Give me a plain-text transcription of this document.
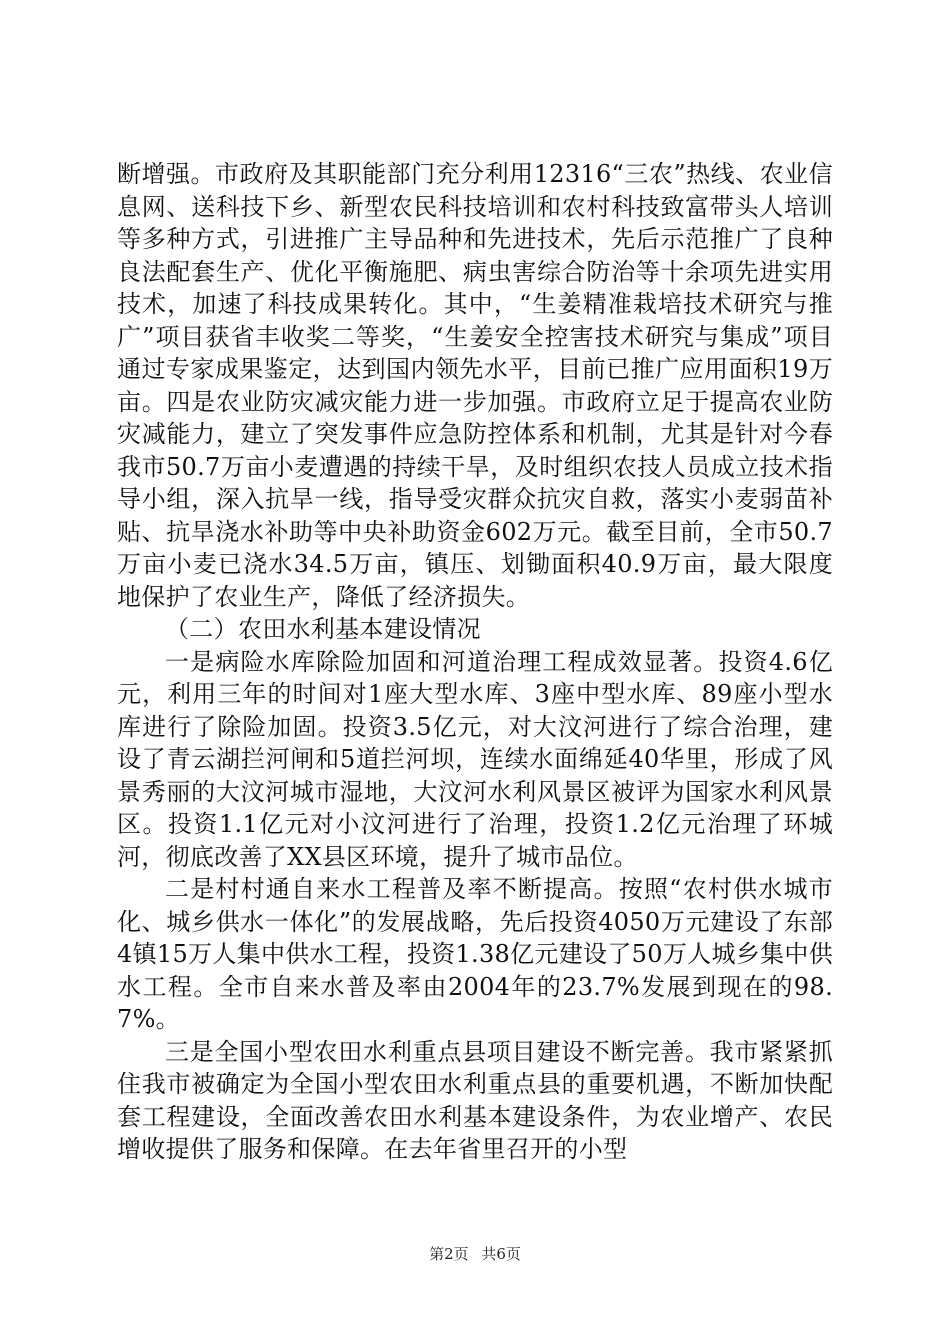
断增强。市政府及其职能部门充分利用12316“三农”热线、农业信息网、送科技下乡、新型农民科技培训和农村科技致富带头人培训等多种方式，引进推广主导品种和先进技术，先后示范推广了良种良法配套生产、优化平衡施肥、病虫害综合防治等十余项先进实用技术，加速了科技成果转化。其中，“生姜精准栽培技术研究与推广”项目获省丰收奖二等奖，“生姜安全控害技术研究与集成”项目通过专家成果鉴定，达到国内领先水平，目前已推广应用面积19万亩。四是农业防灾减灾能力进一步加强。市政府立足于提高农业防灾减能力，建立了突发事件应急防控体系和机制，尤其是针对今春我市50.7万亩小麦遭遇的持续干旱，及时组织农技人员成立技术指导小组，深入抗旱一线，指导受灾群众抗灾自救，落实小麦弱苗补贴、抗旱浇水补助等中央补助资金602万元。截至目前，全市50.7万亩小麦已浇水34.5万亩，镇压、划锄面积40.9万亩，最大限度地保护了农业生产，降低了经济损失。

（二）农田水利基本建设情况

一是病险水库除险加固和河道治理工程成效显著。投资4.6亿元，利用三年的时间对1座大型水库、3座中型水库、89座小型水库进行了除险加固。投资3.5亿元，对大汶河进行了综合治理，建设了青云湖拦河闸和5道拦河坝，连续水面绵延40华里，形成了风景秀丽的大汶河城市湿地，大汶河水利风景区被评为国家水利风景区。投资1.1亿元对小汶河进行了治理，投资1.2亿元治理了环城河，彻底改善了XX县区环境，提升了城市品位。

二是村村通自来水工程普及率不断提高。按照“农村供水城市化、城乡供水一体化”的发展战略，先后投资4050万元建设了东部4镇15万人集中供水工程，投资1.38亿元建设了50万人城乡集中供水工程。全市自来水普及率由2004年的23.7%发展到现在的98.7%。

三是全国小型农田水利重点县项目建设不断完善。我市紧紧抓住我市被确定为全国小型农田水利重点县的重要机遇，不断加快配套工程建设，全面改善农田水利基本建设条件，为农业增产、农民增收提供了服务和保障。在去年省里召开的小型

第2页 共6页
